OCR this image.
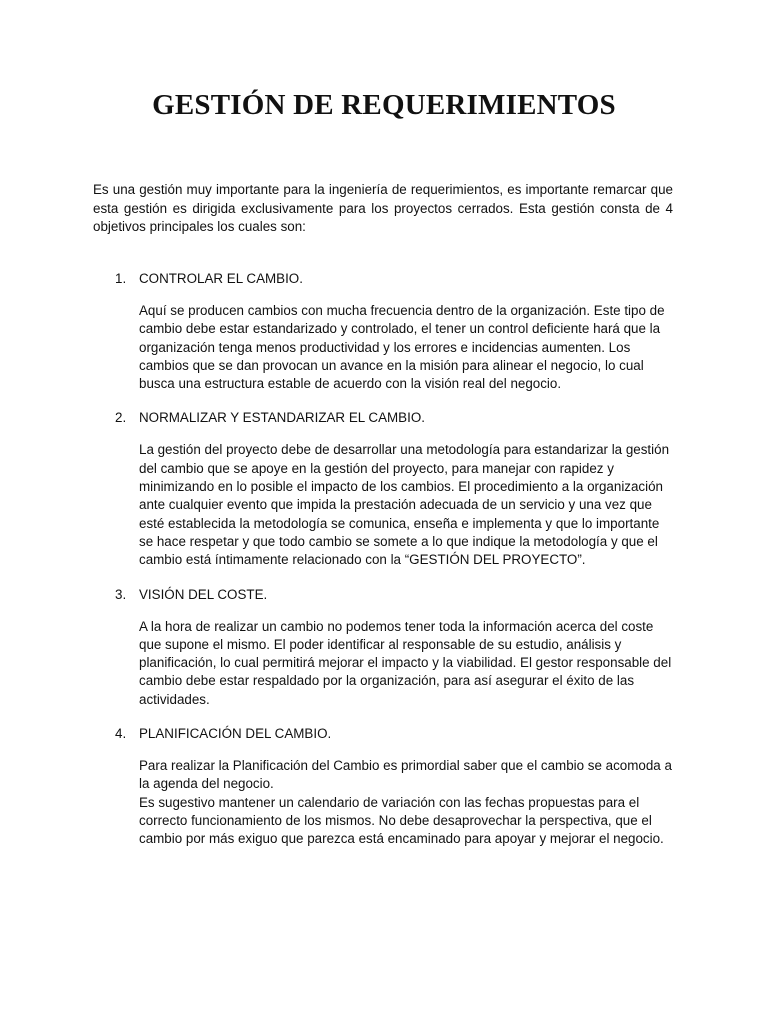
GESTIÓN DE REQUERIMIENTOS

Es una gestión muy importante para la ingeniería de requerimientos, es importante remarcar que esta gestión es dirigida exclusivamente para los proyectos cerrados. Esta gestión consta de 4 objetivos principales los cuales son:

1. CONTROLAR EL CAMBIO.

Aquí se producen cambios con mucha frecuencia dentro de la organización. Este tipo de cambio debe estar estandarizado y controlado, el tener un control deficiente hará que la organización tenga menos productividad y los errores e incidencias aumenten. Los cambios que se dan provocan un avance en la misión para alinear el negocio, lo cual busca una estructura estable de acuerdo con la visión real del negocio.

2. NORMALIZAR Y ESTANDARIZAR EL CAMBIO.

La gestión del proyecto debe de desarrollar una metodología para estandarizar la gestión del cambio que se apoye en la gestión del proyecto, para manejar con rapidez y minimizando en lo posible el impacto de los cambios. El procedimiento a la organización ante cualquier evento que impida la prestación adecuada de un servicio y una vez que esté establecida la metodología se comunica, enseña e implementa y que lo importante se hace respetar y que todo cambio se somete a lo que indique la metodología y que el cambio está íntimamente relacionado con la “GESTIÓN DEL PROYECTO”.

3. VISIÓN DEL COSTE.

A la hora de realizar un cambio no podemos tener toda la información acerca del coste que supone el mismo. El poder identificar al responsable de su estudio, análisis y planificación, lo cual permitirá mejorar el impacto y la viabilidad. El gestor responsable del cambio debe estar respaldado por la organización, para así asegurar el éxito de las actividades.

4. PLANIFICACIÓN DEL CAMBIO.

Para realizar la Planificación del Cambio es primordial saber que el cambio se acomoda a la agenda del negocio.

Es sugestivo mantener un calendario de variación con las fechas propuestas para el correcto funcionamiento de los mismos. No debe desaprovechar la perspectiva, que el cambio por más exiguo que parezca está encaminado para apoyar y mejorar el negocio.
